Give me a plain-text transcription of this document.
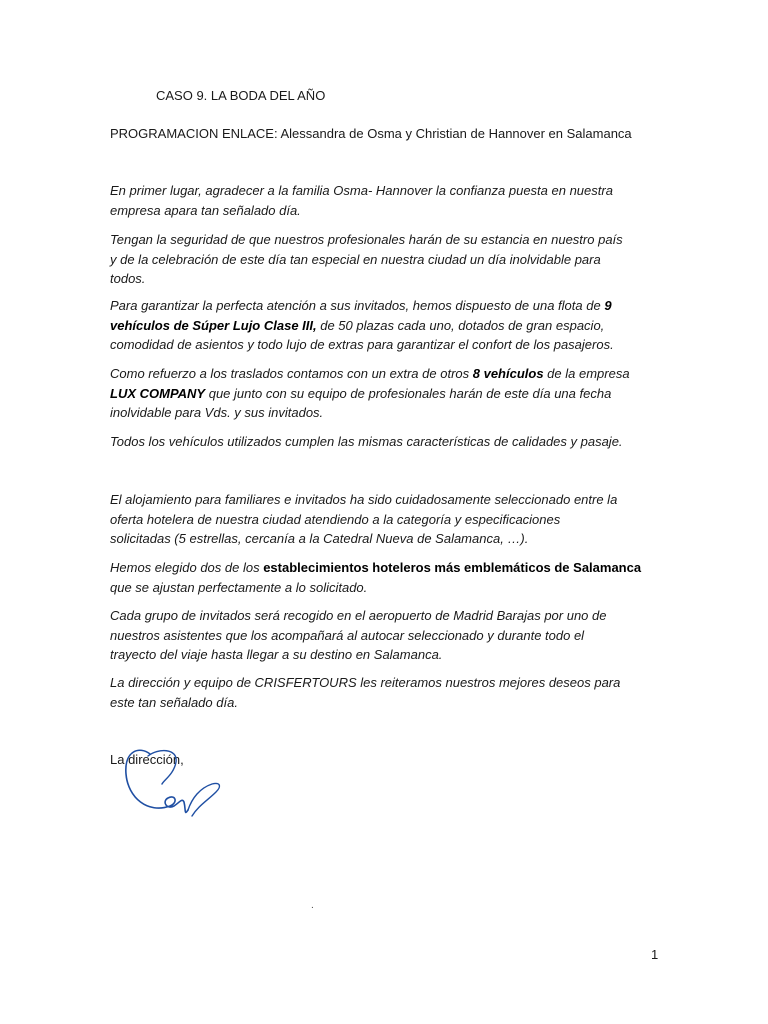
CASO 9. LA BODA DEL AÑO
PROGRAMACION ENLACE: Alessandra de Osma y Christian de Hannover en Salamanca

En primer lugar, agradecer a la familia Osma- Hannover la confianza puesta en nuestra

empresa apara tan señalado día.

Tengan la seguridad de que nuestros profesionales harán de su estancia en nuestro país

y de la celebración de este día tan especial en nuestra ciudad un día inolvidable para

todos.

Para garantizar la perfecta atención a sus invitados, hemos dispuesto de una flota de 9

vehículos de Súper Lujo Clase III, de 50 plazas cada uno, dotados de gran espacio,

comodidad de asientos y todo lujo de extras para garantizar el confort de los pasajeros.

Como refuerzo a los traslados contamos con un extra de otros 8 vehículos de la empresa

LUX COMPANY que junto con su equipo de profesionales harán de este día una fecha

inolvidable para Vds. y sus invitados.

Todos los vehículos utilizados cumplen las mismas características de calidades y pasaje.

El alojamiento para familiares e invitados ha sido cuidadosamente seleccionado entre la

oferta hotelera de nuestra ciudad atendiendo a la categoría y especificaciones

solicitadas (5 estrellas, cercanía a la Catedral Nueva de Salamanca, …).

Hemos elegido dos de los establecimientos hoteleros más emblemáticos de Salamanca

que se ajustan perfectamente a lo solicitado.

Cada grupo de invitados será recogido en el aeropuerto de Madrid Barajas por uno de

nuestros asistentes que los acompañará al autocar seleccionado y durante todo el

trayecto del viaje hasta llegar a su destino en Salamanca.

La dirección y equipo de CRISFERTOURS les reiteramos nuestros mejores deseos para

este tan señalado día.

La dirección,
.
1
